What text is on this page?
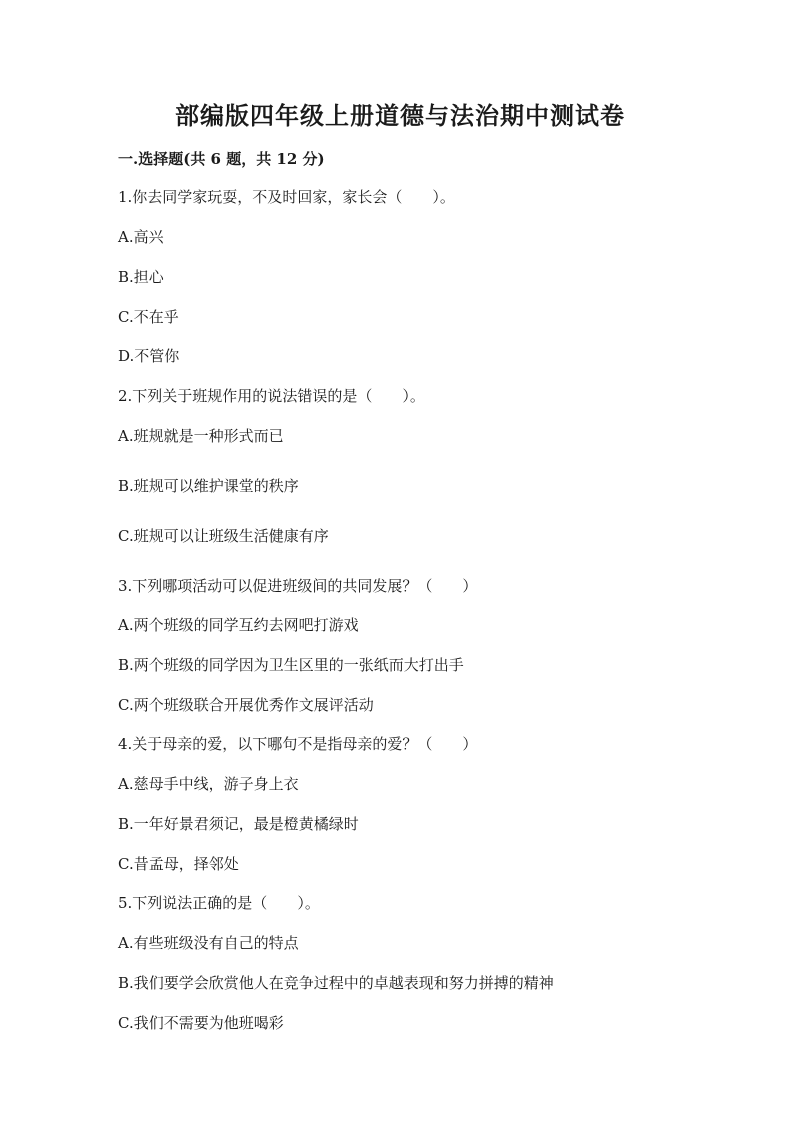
部编版四年级上册道德与法治期中测试卷

一.选择题(共 6 题，共 12 分)

1.你去同学家玩耍，不及时回家，家长会（　　）。

A.高兴

B.担心

C.不在乎

D.不管你

2.下列关于班规作用的说法错误的是（　　）。

A.班规就是一种形式而已

B.班规可以维护课堂的秩序

C.班规可以让班级生活健康有序

3.下列哪项活动可以促进班级间的共同发展？（　　）

A.两个班级的同学互约去网吧打游戏

B.两个班级的同学因为卫生区里的一张纸而大打出手

C.两个班级联合开展优秀作文展评活动

4.关于母亲的爱，以下哪句不是指母亲的爱？（　　）

A.慈母手中线，游子身上衣

B.一年好景君须记，最是橙黄橘绿时

C.昔孟母，择邻处

5.下列说法正确的是（　　）。

A.有些班级没有自己的特点

B.我们要学会欣赏他人在竞争过程中的卓越表现和努力拼搏的精神

C.我们不需要为他班喝彩
